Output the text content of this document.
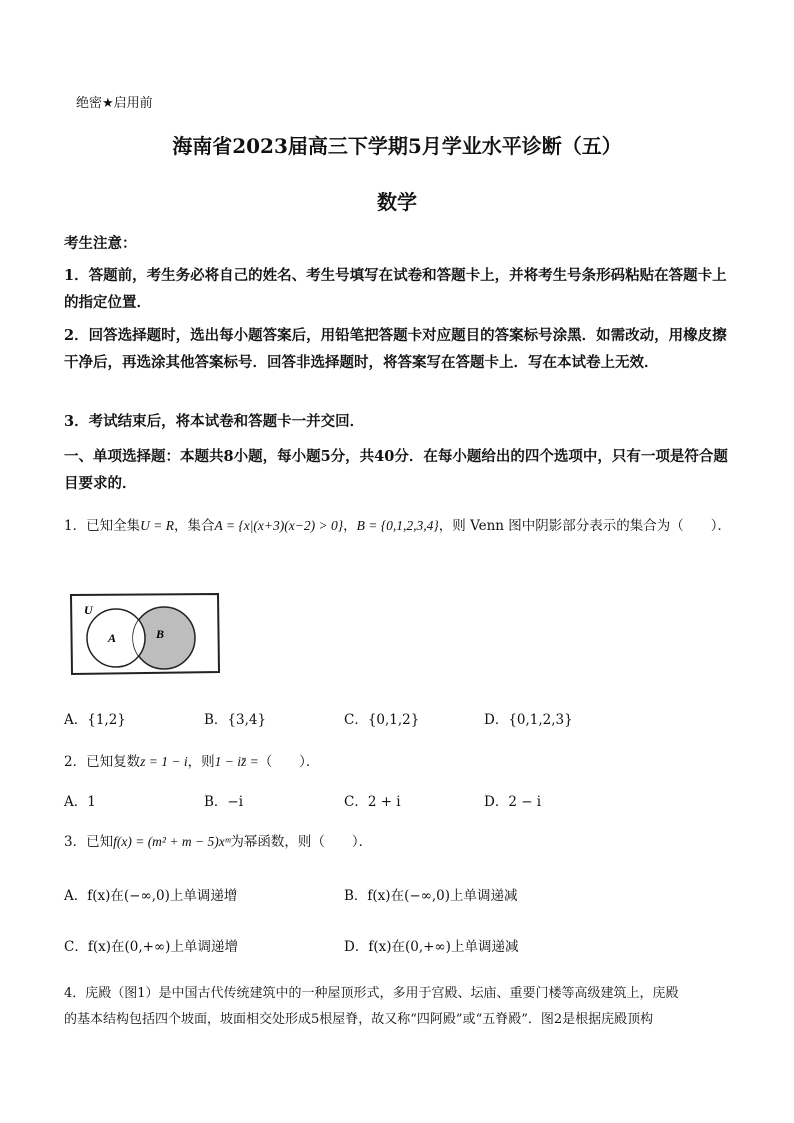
绝密★启用前
海南省2023届高三下学期5月学业水平诊断（五）
数学
考生注意：
1．答题前，考生务必将自己的姓名、考生号填写在试卷和答题卡上，并将考生号条形码粘贴在答题卡上的指定位置．
2．回答选择题时，选出每小题答案后，用铅笔把答题卡对应题目的答案标号涂黑．如需改动，用橡皮擦干净后，再选涂其他答案标号．回答非选择题时，将答案写在答题卡上．写在本试卷上无效．
3．考试结束后，将本试卷和答题卡一并交回．
一、单项选择题：本题共8小题，每小题5分，共40分．在每小题给出的四个选项中，只有一项是符合题目要求的．
1．已知全集U = R，集合A = {x|(x+3)(x−2) > 0}，B = {0,1,2,3,4}，则 Venn 图中阴影部分表示的集合为（　　）．
U
A	B
A．{1,2}	B．{3,4}	C．{0,1,2}	D．{0,1,2,3}
2．已知复数z = 1 − i，则1 − iz̄ =（　　）．
A．1	B．−i	C．2 + i	D．2 − i
3．已知f(x) = (m² + m − 5)xᵐ为幂函数，则（　　）．
A．f(x)在(−∞,0)上单调递增	B．f(x)在(−∞,0)上单调递减
C．f(x)在(0,+∞)上单调递增	D．f(x)在(0,+∞)上单调递减
4．庑殿（图1）是中国古代传统建筑中的一种屋顶形式，多用于宫殿、坛庙、重要门楼等高级建筑上，庑殿
的基本结构包括四个坡面，坡面相交处形成5根屋脊，故又称“四阿殿”或“五脊殿”．图2是根据庑殿顶构
